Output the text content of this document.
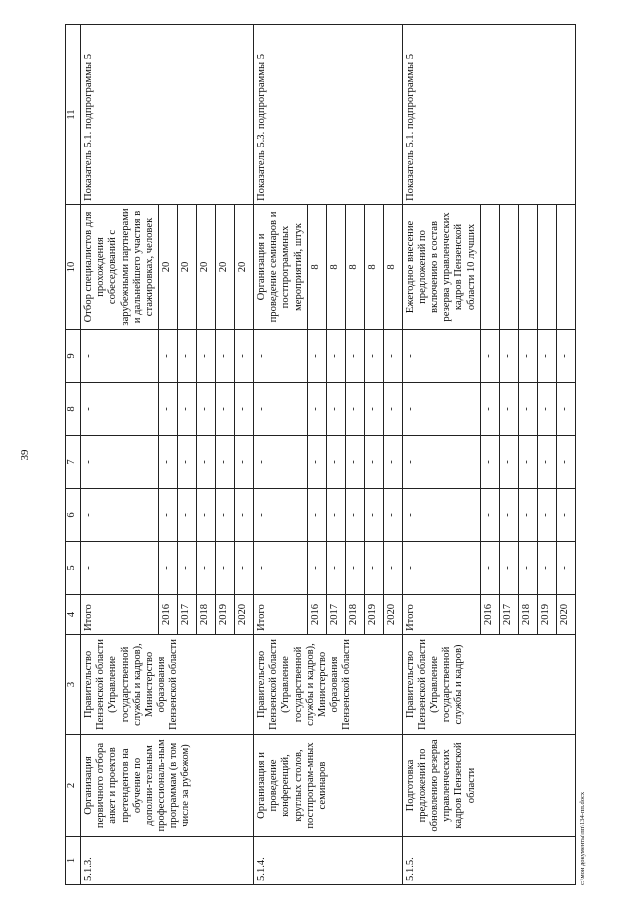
39
1	2	3	4	5	6	7	8	9	10	11
5.1.3.	Организация первичного отбора анкет и проектов претендентов на обучение по дополни-тельным профессиональ-ным программам (в том числе за рубежом)	Правительство Пензенской области (Управление государственной службы и кадров), Министерство образования Пензенской области	Итого	-	-	-	-	-	Отбор специалистов для прохождения собеседований с зарубежными партнерами и дальнейшего участия в стажировках, человек	Показатель 5.1. подпрограммы 5
			2016	-	-	-	-	-	20	
			2017	-	-	-	-	-	20	
			2018	-	-	-	-	-	20	
			2019	-	-	-	-	-	20	
			2020	-	-	-	-	-	20	
5.1.4.	Организация и проведение конференций, круглых столов, постпрограм-мных семинаров	Правительство Пензенской области (Управление государственной службы и кадров), Министерство образования Пензенской области	Итого	-	-	-	-	-	Организация и проведение семинаров и постпрограммных мероприятий, штук	Показатель 5.3. подпрограммы 5
			2016	-	-	-	-	-	8	
			2017	-	-	-	-	-	8	
			2018	-	-	-	-	-	8	
			2019	-	-	-	-	-	8	
			2020	-	-	-	-	-	8	
5.1.5.	Подготовка предложений по обновлению резерва управленческих кадров Пензенской области	Правительство Пензенской области (Управление государственной службы и кадров)	Итого	-	-	-	-	-	Ежегодное внесение предложений по включению в состав резерва управленческих кадров Пензенской области 10 лучших	Показатель 5.1. подпрограммы 5
			2016	-	-	-	-	-		
			2017	-	-	-	-	-		
			2018	-	-	-	-	-		
			2019	-	-	-	-	-		
			2020	-	-	-	-	-		
c:\мои документы\пп\134-пп.docx
